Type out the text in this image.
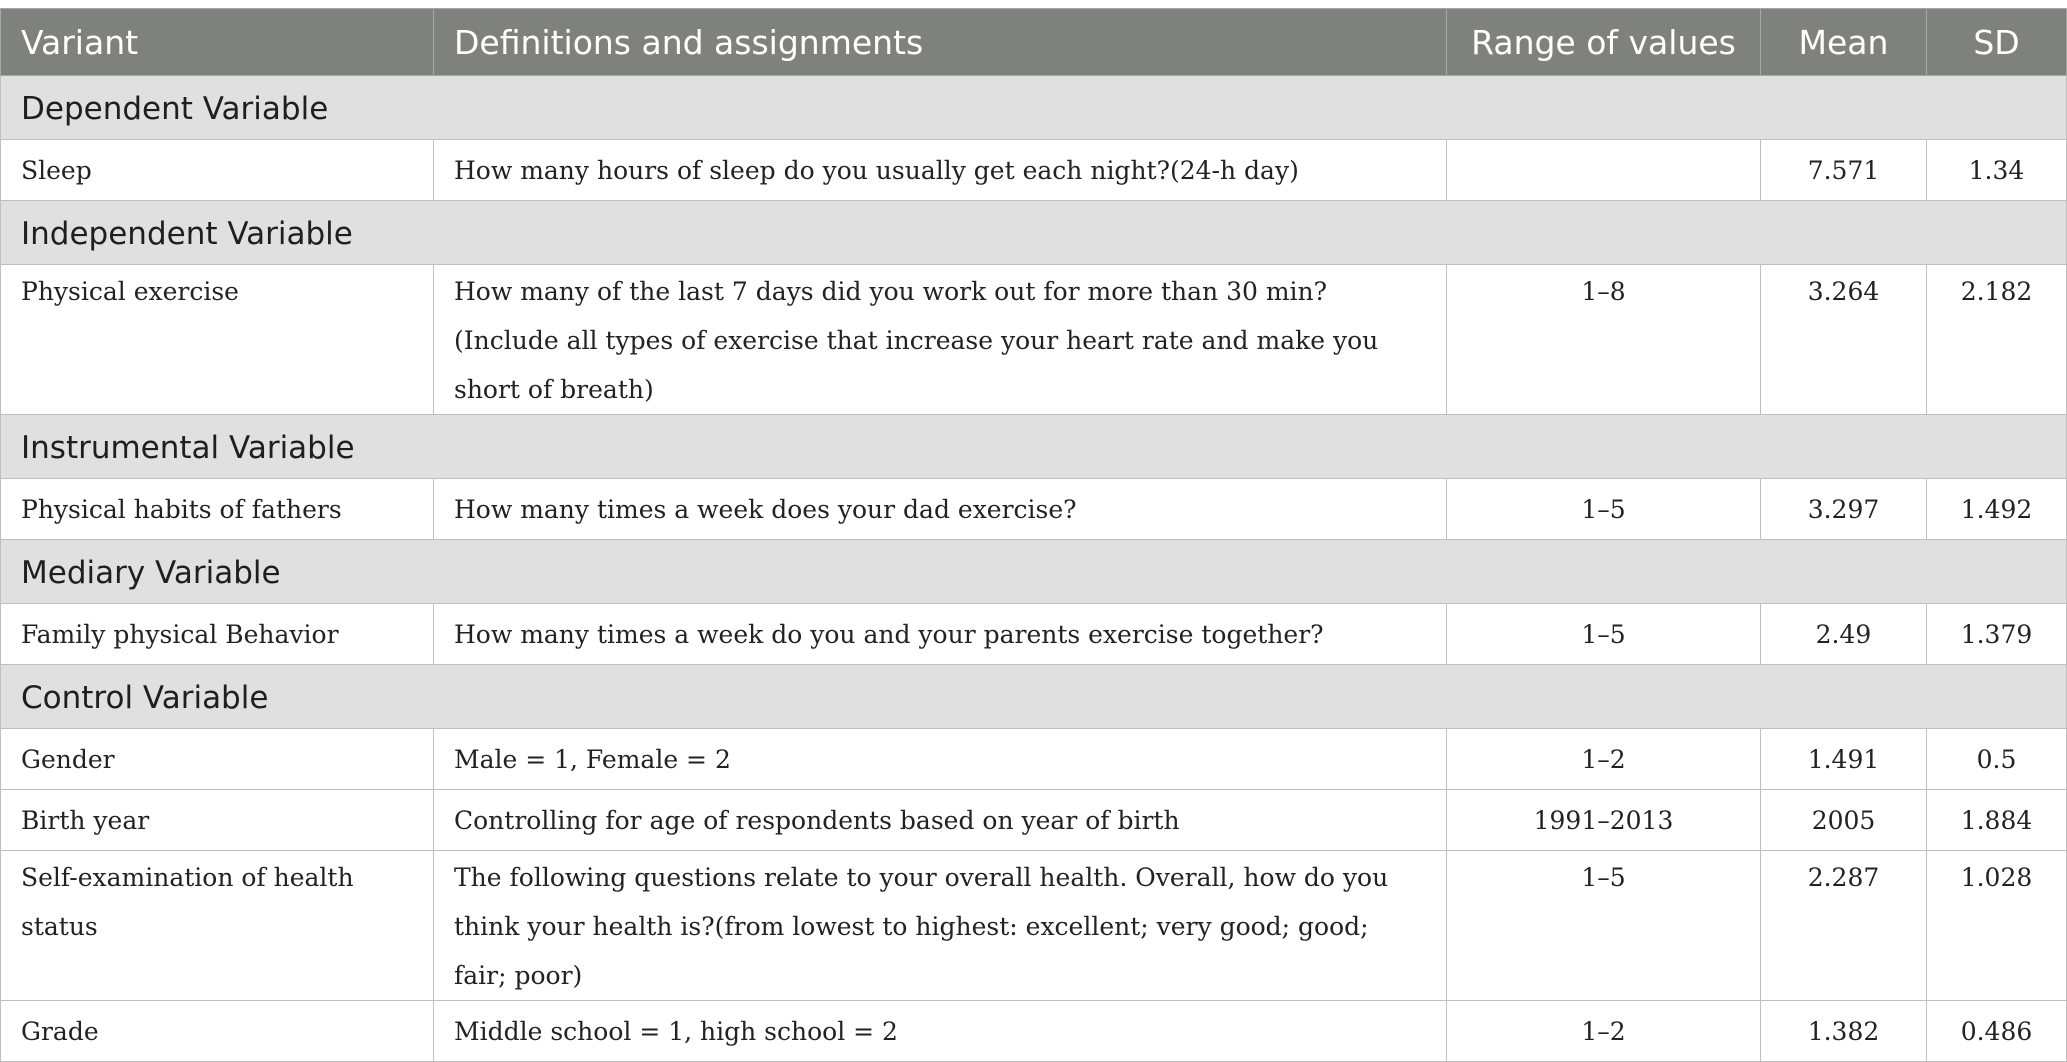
Variant	Definitions and assignments	Range of values	Mean	SD
Dependent Variable				
Sleep	How many hours of sleep do you usually get each night?(24-h day)		7.571	1.34
Independent Variable				
Physical exercise	How many of the last 7 days did you work out for more than 30 min?(Include all types of exercise that increase your heart rate and make you short of breath)	1–8	3.264	2.182
Instrumental Variable				
Physical habits of fathers	How many times a week does your dad exercise?	1–5	3.297	1.492
Mediary Variable				
Family physical Behavior	How many times a week do you and your parents exercise together?	1–5	2.49	1.379
Control Variable				
Gender	Male = 1, Female = 2	1–2	1.491	0.5
Birth year	Controlling for age of respondents based on year of birth	1991–2013	2005	1.884
Self-examination of health status	The following questions relate to your overall health. Overall, how do you think your health is?(from lowest to highest: excellent; very good; good; fair; poor)	1–5	2.287	1.028
Grade	Middle school = 1, high school = 2	1–2	1.382	0.486
